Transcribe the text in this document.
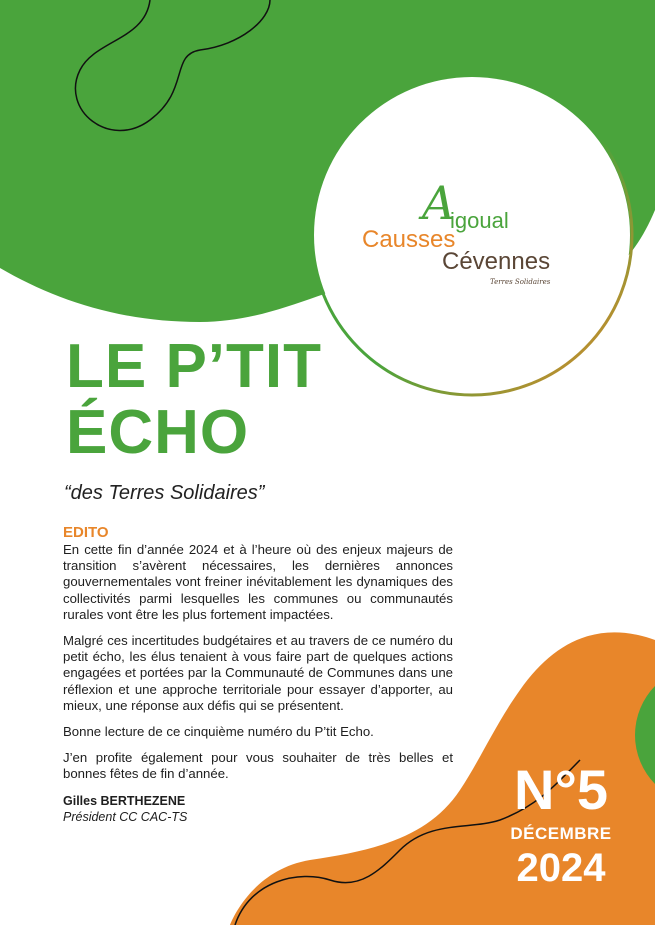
A
igoual
Causses
Cévennes
Terres Solidaires
LE P’TIT
ÉCHO
“des Terres Solidaires”

EDITO

En cette fin d’année 2024 et à l’heure où des enjeux majeurs de transition s’avèrent nécessaires, les dernières annonces gouvernementales vont freiner inévitablement les dynamiques des collectivités parmi lesquelles les communes ou communautés rurales vont être les plus fortement impactées.

Malgré ces incertitudes budgétaires et au travers de ce numéro du petit écho, les élus tenaient à vous faire part de quelques actions engagées et portées par la Communauté de Communes dans une réflexion et une approche territoriale pour essayer d’apporter, au mieux, une réponse aux défis qui se présentent.

Bonne lecture de ce cinquième numéro du P’tit Echo.

J’en profite également pour vous souhaiter de très belles et bonnes fêtes de fin d’année.

Gilles BERTHEZENE
Président CC CAC-TS	N°5
DÉCEMBRE
2024
